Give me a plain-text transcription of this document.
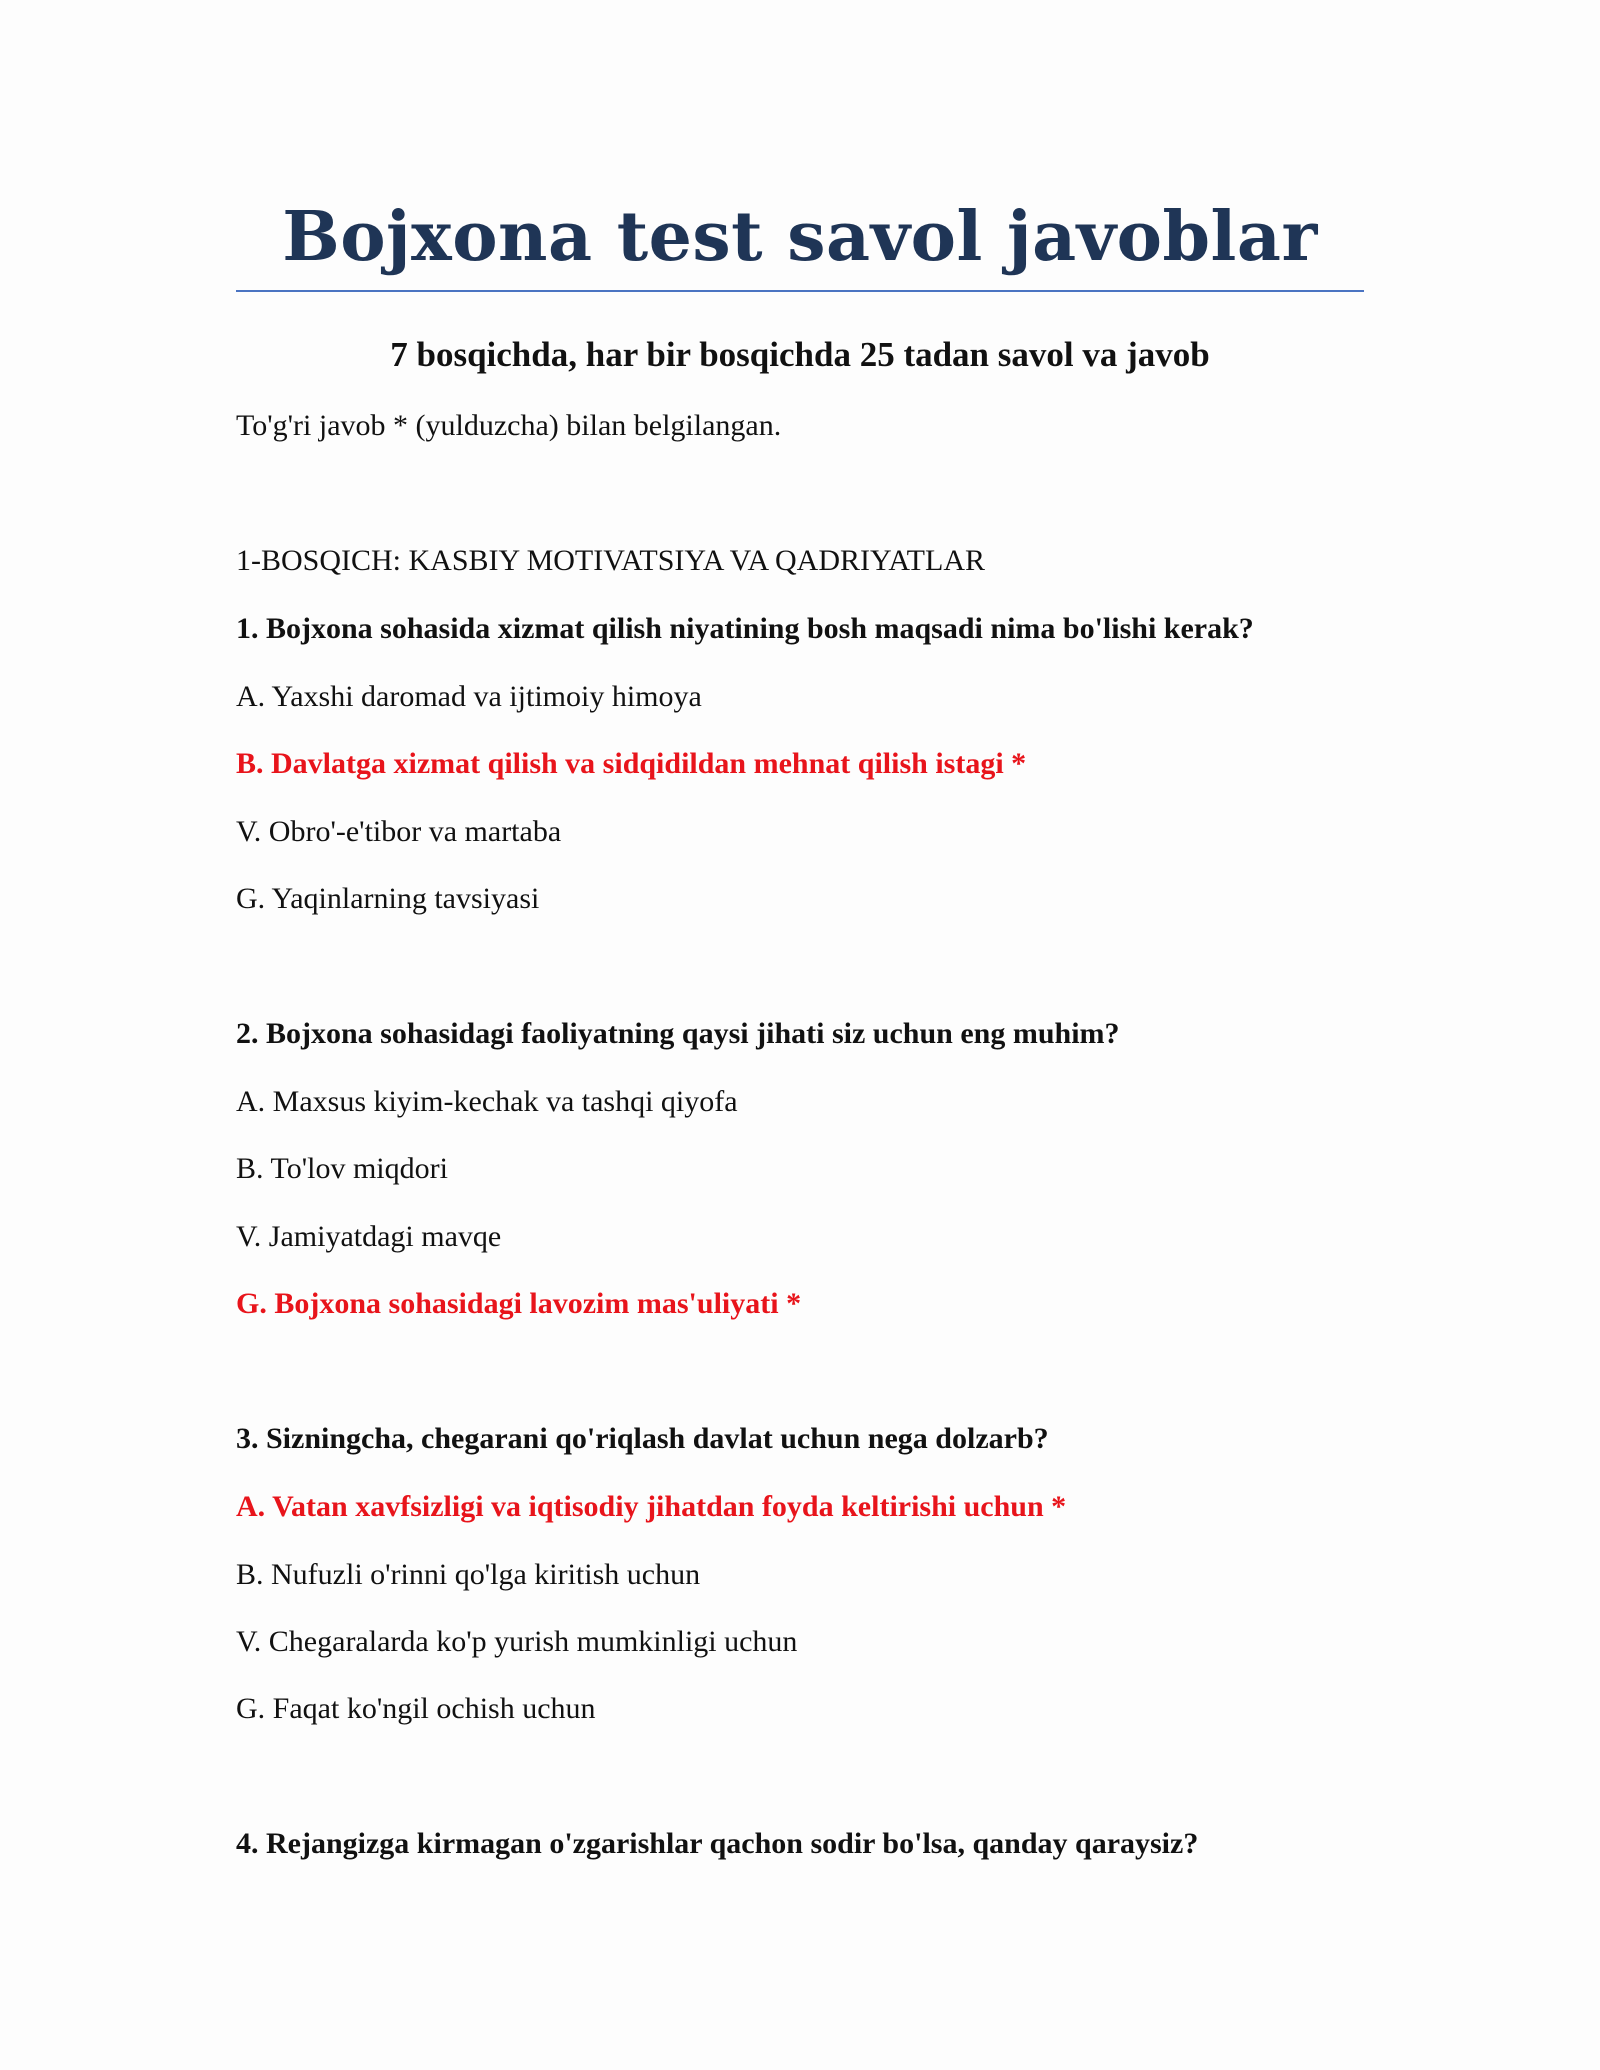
Bojxona test savol javoblar
7 bosqichda, har bir bosqichda 25 tadan savol va javob

To'g'ri javob * (yulduzcha) bilan belgilangan.

1-BOSQICH: KASBIY MOTIVATSIYA VA QADRIYATLAR

1. Bojxona sohasida xizmat qilish niyatining bosh maqsadi nima bo'lishi kerak?

A. Yaxshi daromad va ijtimoiy himoya

B. Davlatga xizmat qilish va sidqidildan mehnat qilish istagi *

V. Obro'-e'tibor va martaba

G. Yaqinlarning tavsiyasi

2. Bojxona sohasidagi faoliyatning qaysi jihati siz uchun eng muhim?

A. Maxsus kiyim-kechak va tashqi qiyofa

B. To'lov miqdori

V. Jamiyatdagi mavqe

G. Bojxona sohasidagi lavozim mas'uliyati *

3. Sizningcha, chegarani qo'riqlash davlat uchun nega dolzarb?

A. Vatan xavfsizligi va iqtisodiy jihatdan foyda keltirishi uchun *

B. Nufuzli o'rinni qo'lga kiritish uchun

V. Chegaralarda ko'p yurish mumkinligi uchun

G. Faqat ko'ngil ochish uchun

4. Rejangizga kirmagan o'zgarishlar qachon sodir bo'lsa, qanday qaraysiz?
